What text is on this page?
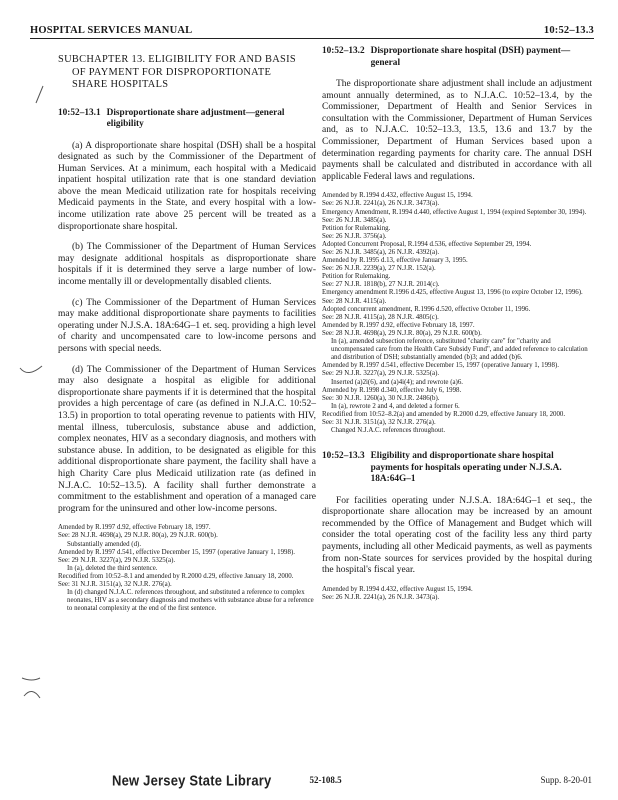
HOSPITAL SERVICES MANUAL	10:52–13.3
SUBCHAPTER 13. ELIGIBILITY FOR AND BASIS
OF PAYMENT FOR DISPROPORTIONATE
SHARE HOSPITALS
10:52–13.1 Disproportionate share adjustment—general eligibility

(a) A disproportionate share hospital (DSH) shall be a hospital designated as such by the Commissioner of the Department of Human Services. At a minimum, each hospital with a Medicaid inpatient hospital utilization rate that is one standard deviation above the mean Medicaid utilization rate for hospitals receiving Medicaid payments in the State, and every hospital with a low-income utilization rate above 25 percent will be treated as a disproportionate share hospital.

(b) The Commissioner of the Department of Human Services may designate additional hospitals as disproportionate share hospitals if it is determined they serve a large number of low-income mentally ill or developmentally disabled clients.

(c) The Commissioner of the Department of Human Services may make additional disproportionate share payments to facilities operating under N.J.S.A. 18A:64G–1 et. seq. providing a high level of charity and uncompensated care to low-income persons and persons with special needs.

(d) The Commissioner of the Department of Human Services may also designate a hospital as eligible for additional disproportionate share payments if it is determined that the hospital provides a high percentage of care (as defined in N.J.A.C. 10:52–13.5) in proportion to total operating revenue to patients with HIV, mental illness, tuberculosis, substance abuse and addiction, complex neonates, HIV as a secondary diagnosis, and mothers with substance abuse. In addition, to be designated as eligible for this additional disproportionate share payment, the facility shall have a high Charity Care plus Medicaid utilization rate (as defined in N.J.A.C. 10:52–13.5). A facility shall further demonstrate a commitment to the establishment and operation of a managed care program for the uninsured and other low-income persons.

Amended by R.1997 d.92, effective February 18, 1997.
See: 28 N.J.R. 4698(a), 29 N.J.R. 80(a), 29 N.J.R. 600(b).
Substantially amended (d).
Amended by R.1997 d.541, effective December 15, 1997 (operative January 1, 1998).
See: 29 N.J.R. 3227(a), 29 N.J.R. 5325(a).
In (a), deleted the third sentence.
Recodified from 10:52–8.1 and amended by R.2000 d.29, effective January 18, 2000.
See: 31 N.J.R. 3151(a), 32 N.J.R. 276(a).
In (d) changed N.J.A.C. references throughout, and substituted a reference to complex neonates, HIV as a secondary diagnosis and mothers with substance abuse for a reference to neonatal complexity at the end of the first sentence.
10:52–13.2 Disproportionate share hospital (DSH) payment—general

The disproportionate share adjustment shall include an adjustment amount annually determined, as to N.J.A.C. 10:52–13.4, by the Commissioner, Department of Health and Senior Services in consultation with the Commissioner, Department of Human Services and, as to N.J.A.C. 10:52–13.3, 13.5, 13.6 and 13.7 by the Commissioner, Department of Human Services based upon a determination regarding payments for charity care. The annual DSH payments shall be calculated and distributed in accordance with all applicable Federal laws and regulations.

Amended by R.1994 d.432, effective August 15, 1994.
See: 26 N.J.R. 2241(a), 26 N.J.R. 3473(a).
Emergency Amendment, R.1994 d.440, effective August 1, 1994 (expired September 30, 1994).
See: 26 N.J.R. 3485(a).
Petition for Rulemaking.
See: 26 N.J.R. 3756(a).
Adopted Concurrent Proposal, R.1994 d.536, effective September 29, 1994.
See: 26 N.J.R. 3485(a), 26 N.J.R. 4392(a).
Amended by R.1995 d.13, effective January 3, 1995.
See: 26 N.J.R. 2239(a), 27 N.J.R. 152(a).
Petition for Rulemaking.
See: 27 N.J.R. 1818(b), 27 N.J.R. 2014(c).
Emergency amendment R.1996 d.425, effective August 13, 1996 (to expire October 12, 1996).
See: 28 N.J.R. 4115(a).
Adopted concurrent amendment, R.1996 d.520, effective October 11, 1996.
See: 28 N.J.R. 4115(a), 28 N.J.R. 4805(c).
Amended by R.1997 d.92, effective February 18, 1997.
See: 28 N.J.R. 4698(a), 29 N.J.R. 80(a), 29 N.J.R. 600(b).
In (a), amended subsection reference, substituted "charity care" for "charity and uncompensated care from the Health Care Subsidy Fund", and added reference to calculation and distribution of DSH; substantially amended (b)3; and added (b)6.
Amended by R.1997 d.541, effective December 15, 1997 (operative January 1, 1998).
See: 29 N.J.R. 3227(a), 29 N.J.R. 5325(a).
Inserted (a)2i(6), and (a)4i(4); and rewrote (a)6.
Amended by R.1998 d.340, effective July 6, 1998.
See: 30 N.J.R. 1260(a), 30 N.J.R. 2486(b).
In (a), rewrote 2 and 4, and deleted a former 6.
Recodified from 10:52–8.2(a) and amended by R.2000 d.29, effective January 18, 2000.
See: 31 N.J.R. 3151(a), 32 N.J.R. 276(a).
Changed N.J.A.C. references throughout.
10:52–13.3 Eligibility and disproportionate share hospital payments for hospitals operating under N.J.S.A. 18A:64G–1

For facilities operating under N.J.S.A. 18A:64G–1 et seq., the disproportionate share allocation may be increased by an amount recommended by the Office of Management and Budget which will consider the total operating cost of the facility less any third party payments, including all other Medicaid payments, as well as payments from non-State sources for services provided by the hospital during the hospital's fiscal year.

Amended by R.1994 d.432, effective August 15, 1994.
See: 26 N.J.R. 2241(a), 26 N.J.R. 3473(a).
New Jersey State Library	52-108.5	Supp. 8-20-01
